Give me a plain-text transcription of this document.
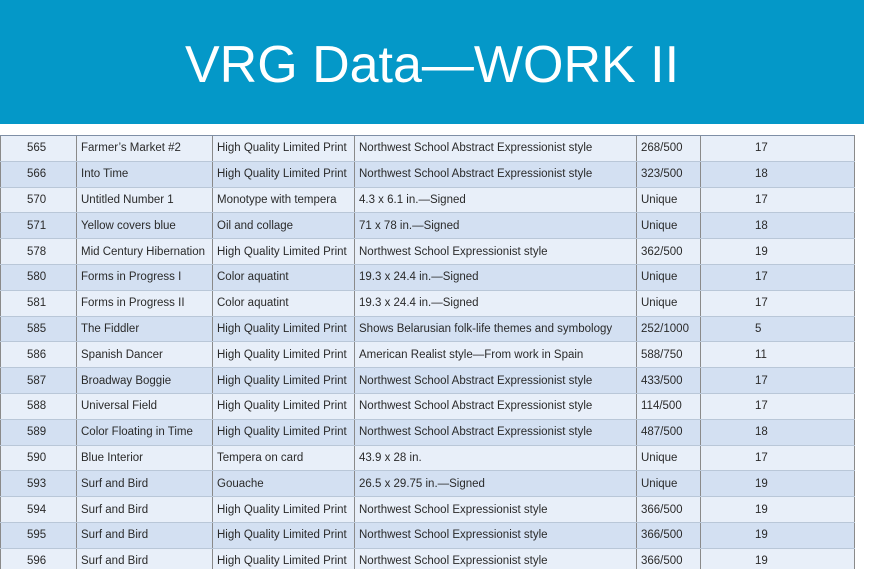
VRG Data—WORK II
565	Farmer’s Market #2	High Quality Limited Print	Northwest School Abstract Expressionist style	268/500	17
566	Into Time	High Quality Limited Print	Northwest School Abstract Expressionist style	323/500	18
570	Untitled Number 1	Monotype with tempera	4.3 x 6.1 in.—Signed	Unique	17
571	Yellow covers blue	Oil and collage	71 x 78 in.—Signed	Unique	18
578	Mid Century Hibernation	High Quality Limited Print	Northwest School Expressionist style	362/500	19
580	Forms in Progress I	Color aquatint	19.3 x 24.4 in.—Signed	Unique	17
581	Forms in Progress II	Color aquatint	19.3 x 24.4 in.—Signed	Unique	17
585	The Fiddler	High Quality Limited Print	Shows Belarusian folk-life themes and symbology	252/1000	5
586	Spanish Dancer	High Quality Limited Print	American Realist style—From work in Spain	588/750	11
587	Broadway Boggie	High Quality Limited Print	Northwest School Abstract Expressionist style	433/500	17
588	Universal Field	High Quality Limited Print	Northwest School Abstract Expressionist style	114/500	17
589	Color Floating in Time	High Quality Limited Print	Northwest School Abstract Expressionist style	487/500	18
590	Blue Interior	Tempera on card	43.9 x 28 in.	Unique	17
593	Surf and Bird	Gouache	26.5 x 29.75 in.—Signed	Unique	19
594	Surf and Bird	High Quality Limited Print	Northwest School Expressionist style	366/500	19
595	Surf and Bird	High Quality Limited Print	Northwest School Expressionist style	366/500	19
596	Surf and Bird	High Quality Limited Print	Northwest School Expressionist style	366/500	19
